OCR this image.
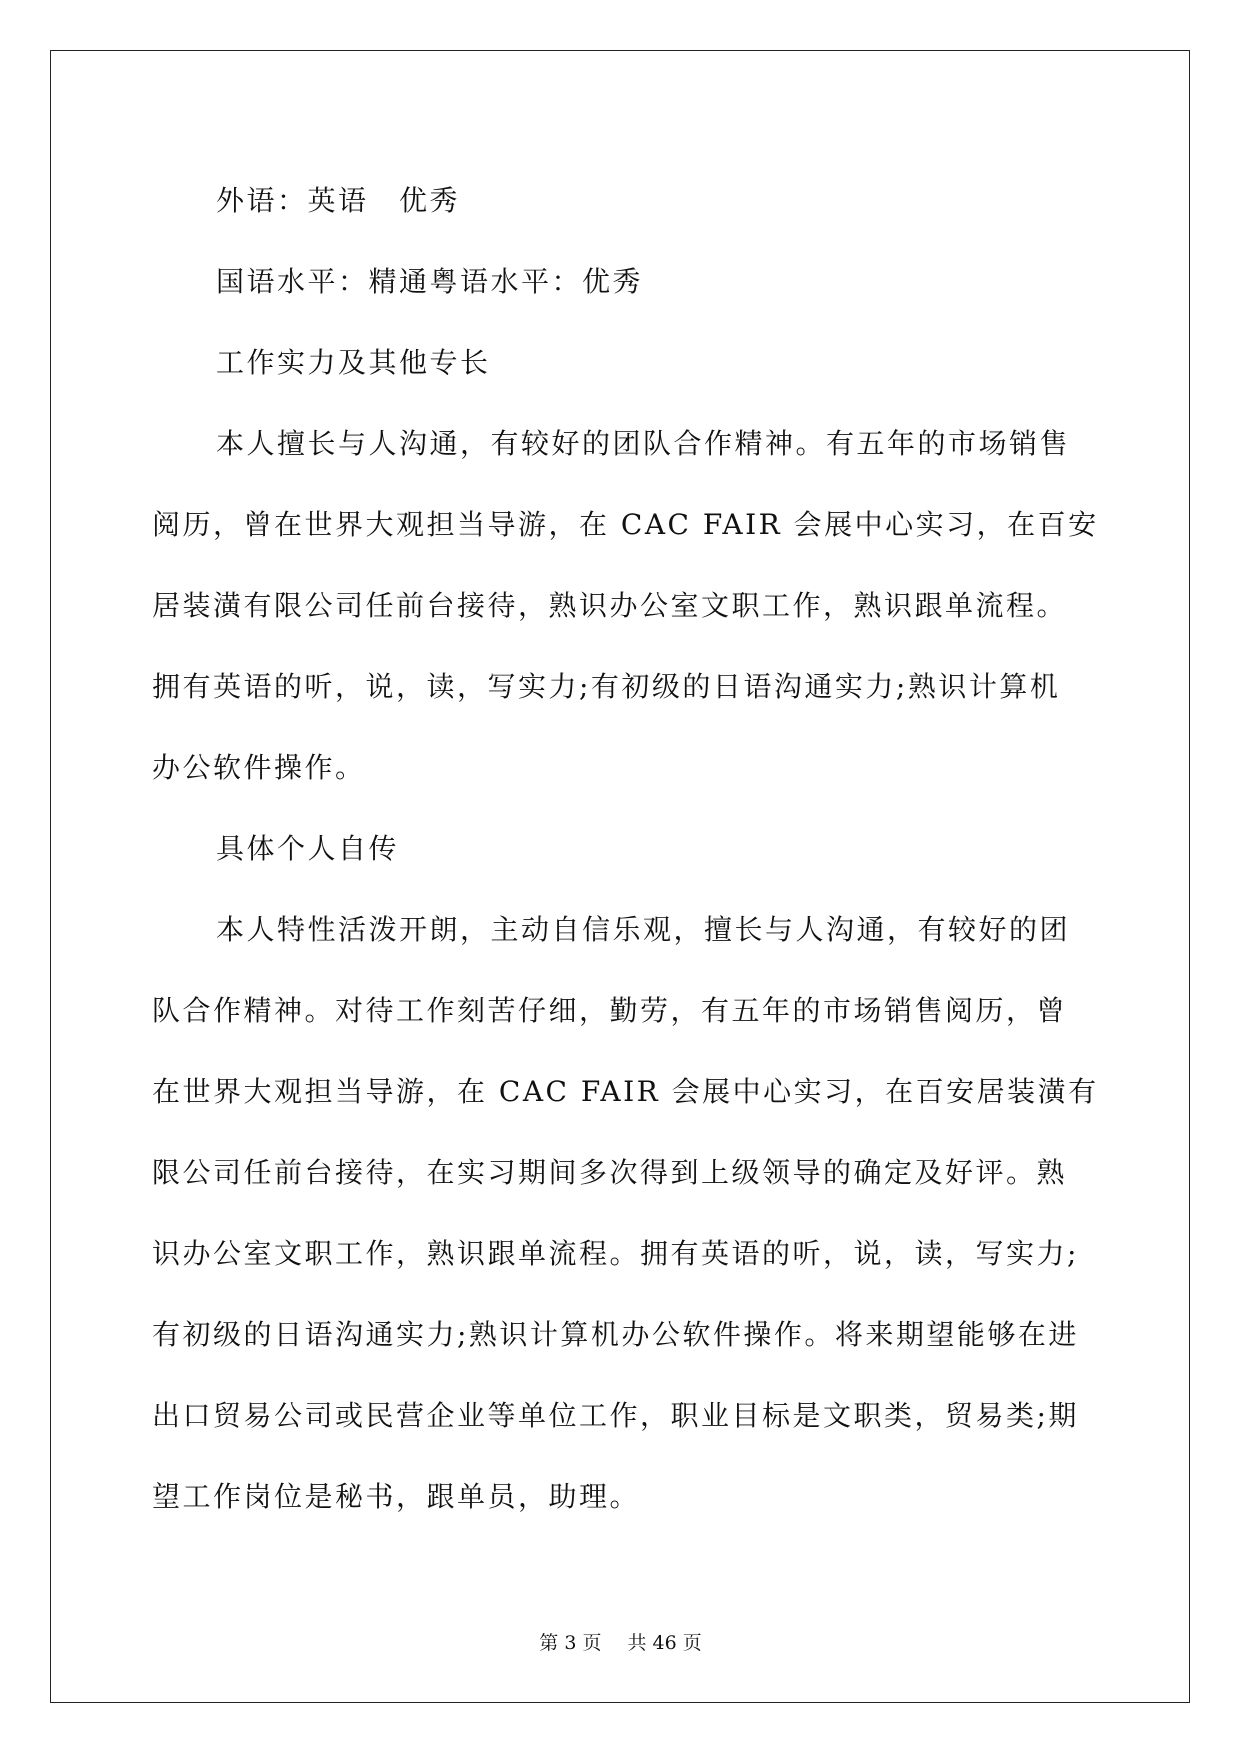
外语：英语　优秀
国语水平：精通粤语水平：优秀
工作实力及其他专长
本人擅长与人沟通，有较好的团队合作精神。有五年的市场销售
阅历，曾在世界大观担当导游，在 CAC FAIR 会展中心实习，在百安
居装潢有限公司任前台接待，熟识办公室文职工作，熟识跟单流程。
拥有英语的听，说，读，写实力;有初级的日语沟通实力;熟识计算机
办公软件操作。
具体个人自传
本人特性活泼开朗，主动自信乐观，擅长与人沟通，有较好的团
队合作精神。对待工作刻苦仔细，勤劳，有五年的市场销售阅历，曾
在世界大观担当导游，在 CAC FAIR 会展中心实习，在百安居装潢有
限公司任前台接待，在实习期间多次得到上级领导的确定及好评。熟
识办公室文职工作，熟识跟单流程。拥有英语的听，说，读，写实力;
有初级的日语沟通实力;熟识计算机办公软件操作。将来期望能够在进
出口贸易公司或民营企业等单位工作，职业目标是文职类，贸易类;期
望工作岗位是秘书，跟单员，助理。
第 3 页 共 46 页
